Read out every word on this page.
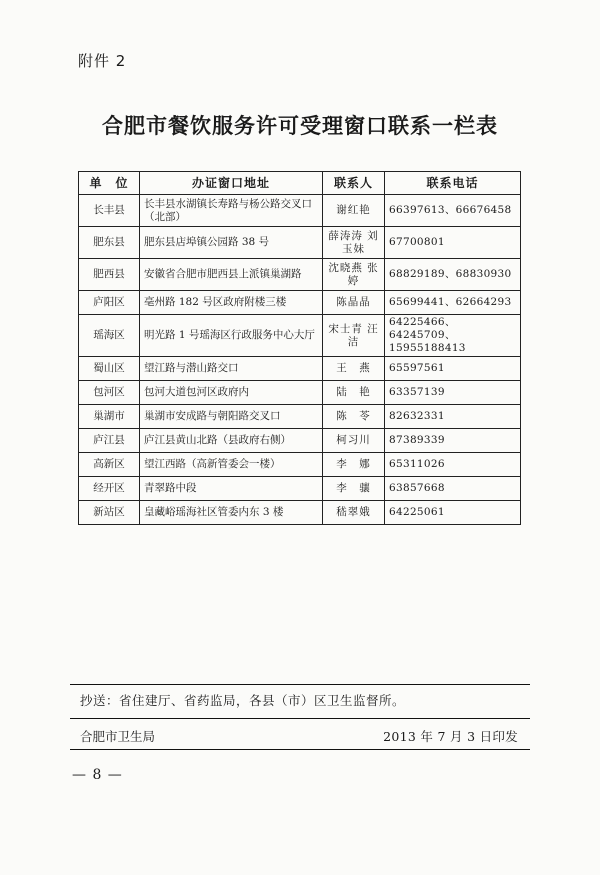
附件 2
合肥市餐饮服务许可受理窗口联系一栏表
单　位	办证窗口地址	联系人	联系电话
长丰县	长丰县水湖镇长寿路与杨公路交叉口（北部）	谢红艳	66397613、66676458
肥东县	肥东县店埠镇公园路 38 号	薛涛涛 刘玉妹	67700801
肥西县	安徽省合肥市肥西县上派镇巢湖路	沈晓燕 张　婷	68829189、68830930
庐阳区	亳州路 182 号区政府附楼三楼	陈晶晶	65699441、62664293
瑶海区	明光路 1 号瑶海区行政服务中心大厅	宋士青 汪　洁	64225466、64245709、15955188413
蜀山区	望江路与潜山路交口	王　燕	65597561
包河区	包河大道包河区政府内	陆　艳	63357139
巢湖市	巢湖市安成路与朝阳路交叉口	陈　苓	82632331
庐江县	庐江县黄山北路（县政府右侧）	柯习川	87389339
高新区	望江西路（高新管委会一楼）	李　娜	65311026
经开区	青翠路中段	李　骧	63857668
新站区	皇藏峪瑶海社区管委内东 3 楼	嵇翠娥	64225061
抄送：省住建厅、省药监局，各县（市）区卫生监督所。
合肥市卫生局	2013 年 7 月 3 日印发
— 8 —
